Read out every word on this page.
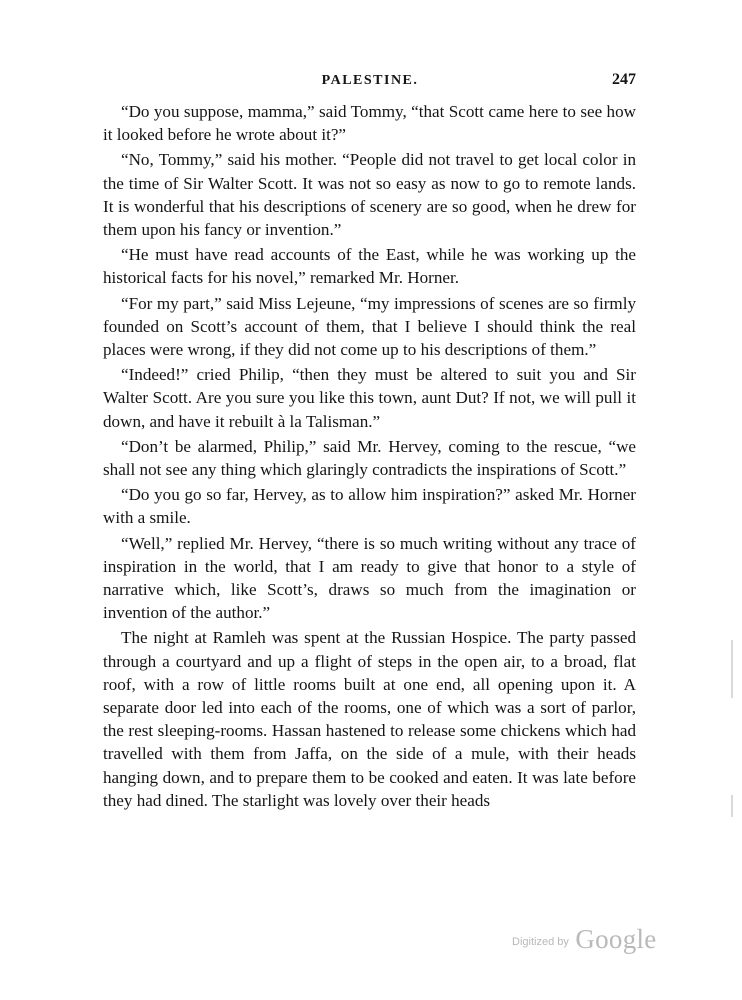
PALESTINE.	247

“Do you suppose, mamma,” said Tommy, “that Scott came here to see how it looked before he wrote about it?”

“No, Tommy,” said his mother. “People did not travel to get local color in the time of Sir Walter Scott. It was not so easy as now to go to remote lands. It is wonderful that his descriptions of scenery are so good, when he drew for them upon his fancy or invention.”

“He must have read accounts of the East, while he was working up the historical facts for his novel,” remarked Mr. Horner.

“For my part,” said Miss Lejeune, “my impressions of scenes are so firmly founded on Scott’s account of them, that I believe I should think the real places were wrong, if they did not come up to his descriptions of them.”

“Indeed!” cried Philip, “then they must be altered to suit you and Sir Walter Scott. Are you sure you like this town, aunt Dut? If not, we will pull it down, and have it rebuilt à la Talisman.”

“Don’t be alarmed, Philip,” said Mr. Hervey, coming to the rescue, “we shall not see any thing which glaringly contradicts the inspirations of Scott.”

“Do you go so far, Hervey, as to allow him inspiration?” asked Mr. Horner with a smile.

“Well,” replied Mr. Hervey, “there is so much writing without any trace of inspiration in the world, that I am ready to give that honor to a style of narrative which, like Scott’s, draws so much from the imagination or invention of the author.”

The night at Ramleh was spent at the Russian Hospice. The party passed through a courtyard and up a flight of steps in the open air, to a broad, flat roof, with a row of little rooms built at one end, all opening upon it. A separate door led into each of the rooms, one of which was a sort of parlor, the rest sleeping-rooms. Hassan hastened to release some chickens which had travelled with them from Jaffa, on the side of a mule, with their heads hanging down, and to prepare them to be cooked and eaten. It was late before they had dined. The starlight was lovely over their heads

Digitized by Google
